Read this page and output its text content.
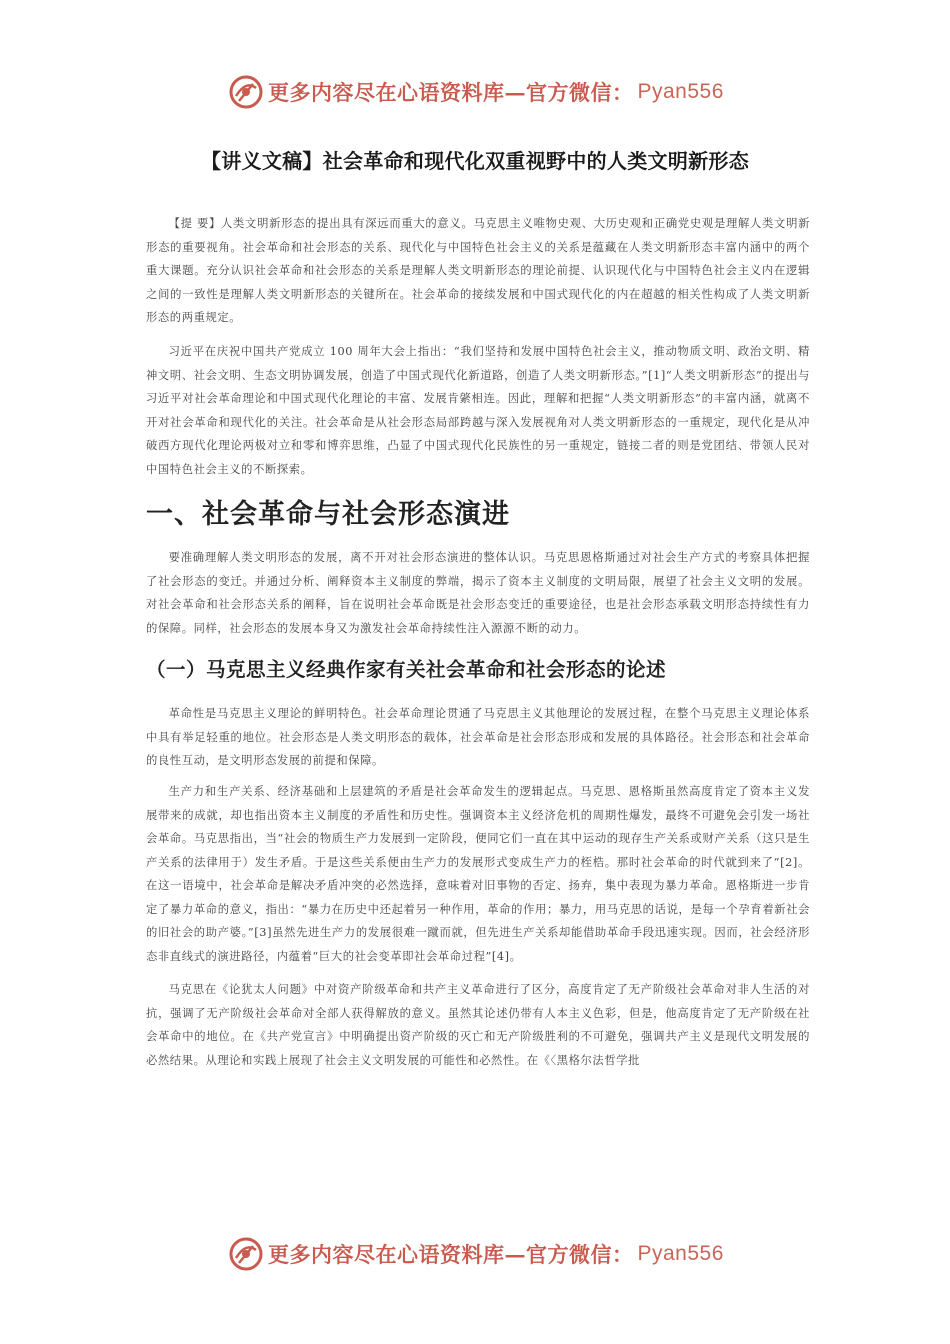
更多内容尽在心语资料库—官方微信： Pyan556
【讲义文稿】社会革命和现代化双重视野中的人类文明新形态

【提 要】人类文明新形态的提出具有深远而重大的意义。马克思主义唯物史观、大历史观和正确党史观是理解人类文明新形态的重要视角。社会革命和社会形态的关系、现代化与中国特色社会主义的关系是蕴藏在人类文明新形态丰富内涵中的两个重大课题。充分认识社会革命和社会形态的关系是理解人类文明新形态的理论前提、认识现代化与中国特色社会主义内在逻辑之间的一致性是理解人类文明新形态的关键所在。社会革命的接续发展和中国式现代化的内在超越的相关性构成了人类文明新形态的两重规定。

习近平在庆祝中国共产党成立 100 周年大会上指出：“我们坚持和发展中国特色社会主义，推动物质文明、政治文明、精神文明、社会文明、生态文明协调发展，创造了中国式现代化新道路，创造了人类文明新形态。”[1]“人类文明新形态”的提出与习近平对社会革命理论和中国式现代化理论的丰富、发展肯綮相连。因此，理解和把握“人类文明新形态”的丰富内涵，就离不开对社会革命和现代化的关注。社会革命是从社会形态局部跨越与深入发展视角对人类文明新形态的一重规定，现代化是从冲破西方现代化理论两极对立和零和博弈思维，凸显了中国式现代化民族性的另一重规定，链接二者的则是党团结、带领人民对中国特色社会主义的不断探索。

一、社会革命与社会形态演进

要准确理解人类文明形态的发展，离不开对社会形态演进的整体认识。马克思恩格斯通过对社会生产方式的考察具体把握了社会形态的变迁。并通过分析、阐释资本主义制度的弊端，揭示了资本主义制度的文明局限，展望了社会主义文明的发展。对社会革命和社会形态关系的阐释，旨在说明社会革命既是社会形态变迁的重要途径，也是社会形态承载文明形态持续性有力的保障。同样，社会形态的发展本身又为激发社会革命持续性注入源源不断的动力。

（一）马克思主义经典作家有关社会革命和社会形态的论述

革命性是马克思主义理论的鲜明特色。社会革命理论贯通了马克思主义其他理论的发展过程，在整个马克思主义理论体系中具有举足轻重的地位。社会形态是人类文明形态的载体，社会革命是社会形态形成和发展的具体路径。社会形态和社会革命的良性互动，是文明形态发展的前提和保障。

生产力和生产关系、经济基础和上层建筑的矛盾是社会革命发生的逻辑起点。马克思、恩格斯虽然高度肯定了资本主义发展带来的成就，却也指出资本主义制度的矛盾性和历史性。强调资本主义经济危机的周期性爆发，最终不可避免会引发一场社会革命。马克思指出，当“社会的物质生产力发展到一定阶段，便同它们一直在其中运动的现存生产关系或财产关系（这只是生产关系的法律用于）发生矛盾。于是这些关系便由生产力的发展形式变成生产力的桎梏。那时社会革命的时代就到来了”[2]。在这一语境中，社会革命是解决矛盾冲突的必然选择，意味着对旧事物的否定、扬弃，集中表现为暴力革命。恩格斯进一步肯定了暴力革命的意义，指出：“暴力在历史中还起着另一种作用，革命的作用；暴力，用马克思的话说，是每一个孕育着新社会的旧社会的助产婆。”[3]虽然先进生产力的发展很难一蹴而就，但先进生产关系却能借助革命手段迅速实现。因而，社会经济形态非直线式的演进路径，内蕴着“巨大的社会变革即社会革命过程”[4]。

马克思在《论犹太人问题》中对资产阶级革命和共产主义革命进行了区分，高度肯定了无产阶级社会革命对非人生活的对抗，强调了无产阶级社会革命对全部人获得解放的意义。虽然其论述仍带有人本主义色彩，但是，他高度肯定了无产阶级在社会革命中的地位。在《共产党宣言》中明确提出资产阶级的灭亡和无产阶级胜利的不可避免，强调共产主义是现代文明发展的必然结果。从理论和实践上展现了社会主义文明发展的可能性和必然性。在《〈黑格尔法哲学批

更多内容尽在心语资料库—官方微信： Pyan556
